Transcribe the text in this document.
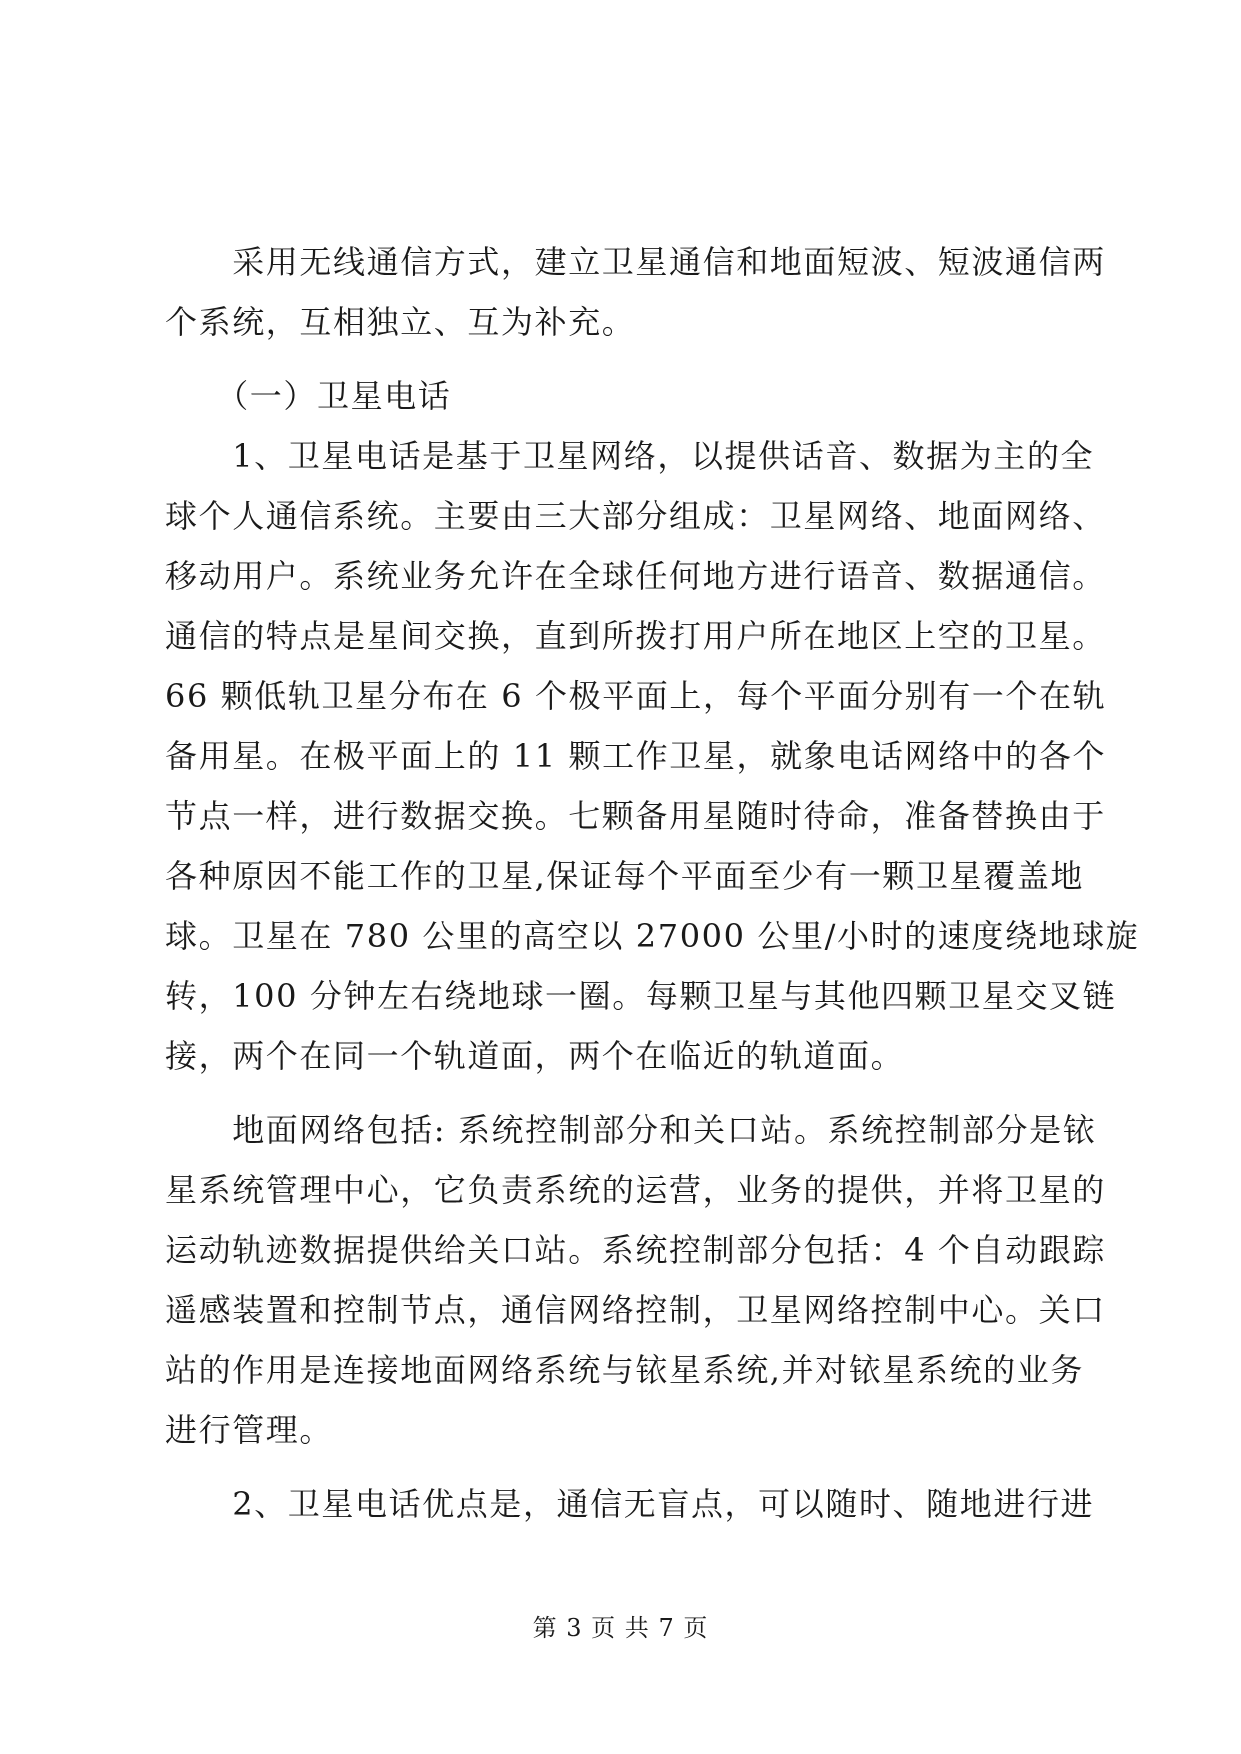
　　采用无线通信方式，建立卫星通信和地面短波、短波通信两
个系统，互相独立、互为补充。
　　（一）卫星电话
　　1、卫星电话是基于卫星网络，以提供话音、数据为主的全
球个人通信系统。主要由三大部分组成：卫星网络、地面网络、
移动用户。系统业务允许在全球任何地方进行语音、数据通信。
通信的特点是星间交换，直到所拨打用户所在地区上空的卫星。
66 颗低轨卫星分布在 6 个极平面上，每个平面分别有一个在轨
备用星。在极平面上的 11 颗工作卫星，就象电话网络中的各个
节点一样，进行数据交换。七颗备用星随时待命，准备替换由于
各种原因不能工作的卫星,保证每个平面至少有一颗卫星覆盖地
球。卫星在 780 公里的高空以 27000 公里/小时的速度绕地球旋
转，100 分钟左右绕地球一圈。每颗卫星与其他四颗卫星交叉链
接，两个在同一个轨道面，两个在临近的轨道面。
　　地面网络包括: 系统控制部分和关口站。系统控制部分是铱
星系统管理中心，它负责系统的运营，业务的提供，并将卫星的
运动轨迹数据提供给关口站。系统控制部分包括：4 个自动跟踪
遥感装置和控制节点，通信网络控制，卫星网络控制中心。关口
站的作用是连接地面网络系统与铱星系统,并对铱星系统的业务
进行管理。
　　2、卫星电话优点是，通信无盲点，可以随时、随地进行进
第 3 页 共 7 页
